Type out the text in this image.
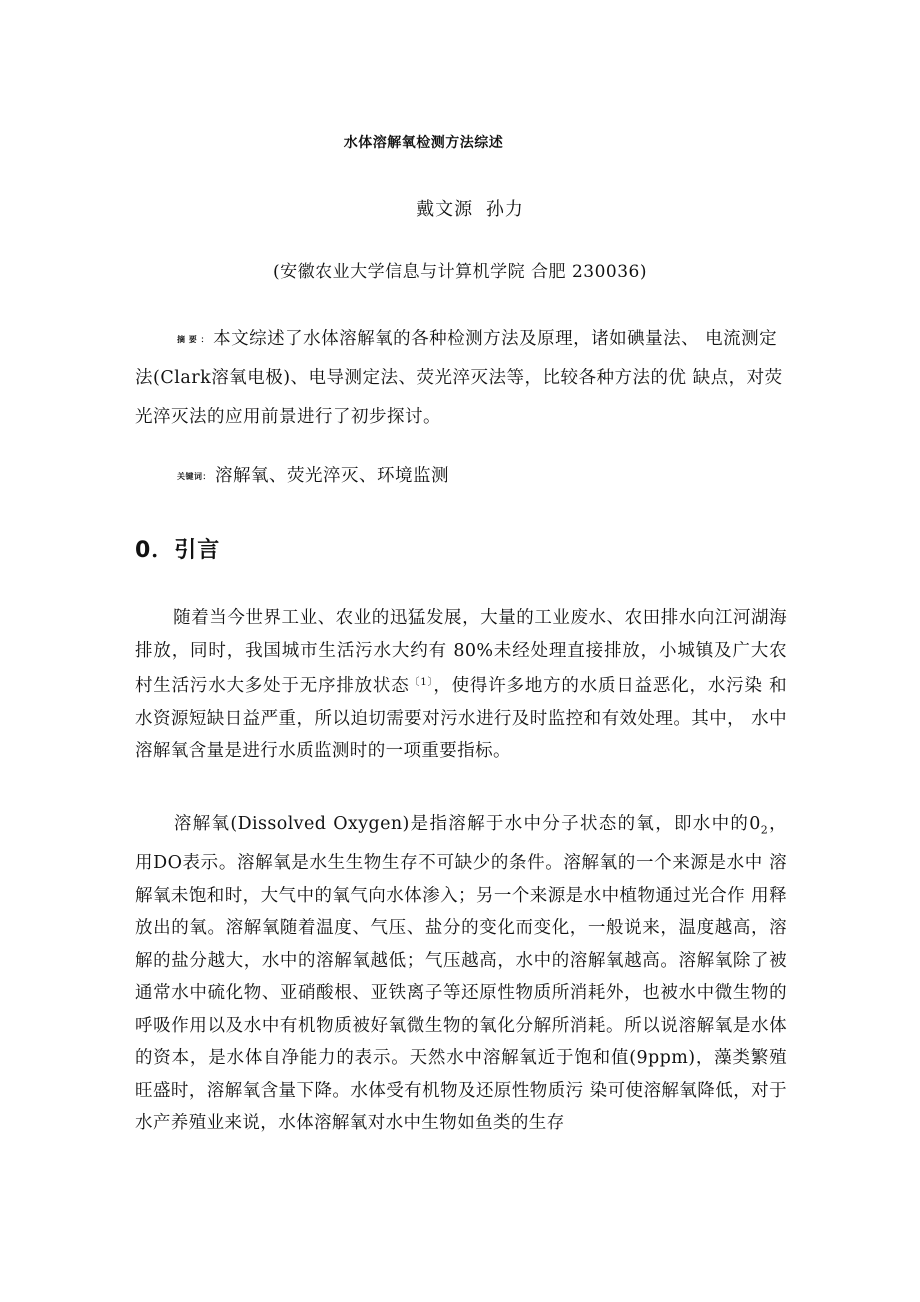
水体溶解氧检测方法综述
戴文源 孙力
(安徽农业大学信息与计算机学院 合肥 230036)
摘 要 ： 本文综述了水体溶解氧的各种检测方法及原理，诸如碘量法、 电流测定法(Clark溶氧电极)、电导测定法、荧光淬灭法等，比较各种方法的优 缺点，对荧光淬灭法的应用前景进行了初步探讨。
关键词： 溶解氧、荧光淬灭、环境监测
0．引言
随着当今世界工业、农业的迅猛发展，大量的工业废水、农田排水向江河湖海排放，同时，我国城市生活污水大约有 80%未经处理直接排放，小城镇及广大农村生活污水大多处于无序排放状态$^{〔1〕}$，使得许多地方的水质日益恶化，水污染 和水资源短缺日益严重，所以迫切需要对污水进行及时监控和有效处理。其中， 水中溶解氧含量是进行水质监测时的一项重要指标。
溶解氧(Dissolved Oxygen)是指溶解于水中分子状态的氧，即水中的$0_2$， 用DO表示。溶解氧是水生生物生存不可缺少的条件。溶解氧的一个来源是水中 溶解氧未饱和时，大气中的氧气向水体渗入；另一个来源是水中植物通过光合作 用释放出的氧。溶解氧随着温度、气压、盐分的变化而变化，一般说来，温度越高，溶解的盐分越大，水中的溶解氧越低；气压越高，水中的溶解氧越高。溶解氧除了被通常水中硫化物、亚硝酸根、亚铁离子等还原性物质所消耗外，也被水中微生物的呼吸作用以及水中有机物质被好氧微生物的氧化分解所消耗。所以说溶解氧是水体的资本，是水体自净能力的表示。天然水中溶解氧近于饱和值(9ppm)，藻类繁殖旺盛时，溶解氧含量下降。水体受有机物及还原性物质污 染可使溶解氧降低，对于水产养殖业来说，水体溶解氧对水中生物如鱼类的生存
